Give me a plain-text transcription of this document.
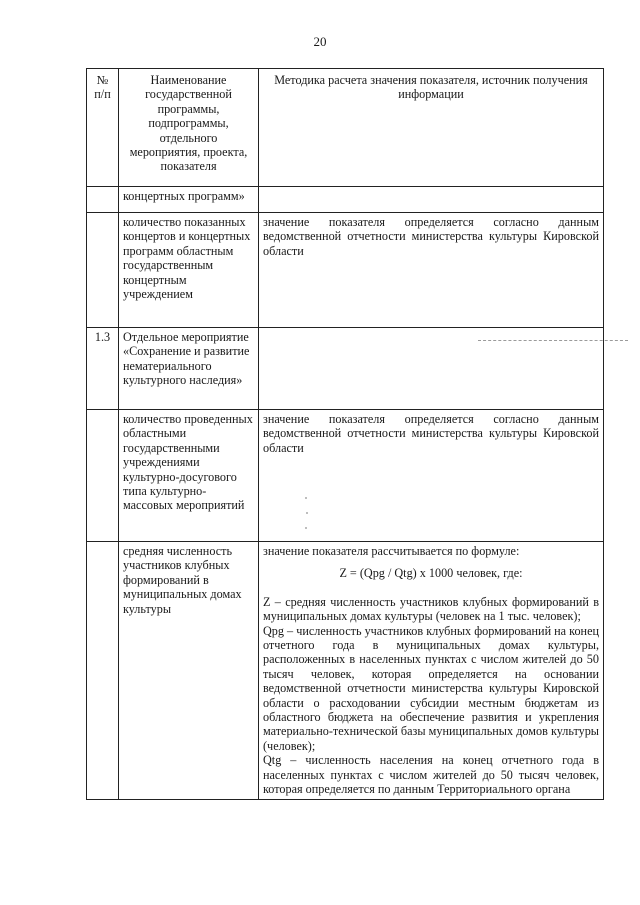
20
№ п/п	Наименование государственной программы, подпрограммы, отдельного мероприятия, проекта, показателя	Методика расчета значения показателя, источник получения информации
	концертных программ»	
	количество показанных концертов и концертных программ областным государственным концертным учреждением	значение показателя определяется согласно данным ведомственной отчетности министерства культуры Кировской области
1.3	Отдельное мероприятие «Сохранение и развитие нематериального культурного наследия»	
	количество проведенных областными государственными учреждениями культурно-досугового типа культурно-массовых мероприятий	значение показателя определяется согласно данным ведомственной отчетности министерства культуры Кировской области
	средняя численность участников клубных формирований в муниципальных домах культуры	значение показателя рассчитывается по формуле:

Z = (Qpg / Qtg) x 1000 человек, где:

Z – средняя численность участников клубных формирований в муниципальных домах культуры (человек на 1 тыс. человек);

Qpg – численность участников клубных формирований на конец отчетного года в муниципальных домах культуры, расположенных в населенных пунктах с числом жителей до 50 тысяч человек, которая определяется на основании ведомственной отчетности министерства культуры Кировской области о расходовании субсидии местным бюджетам из областного бюджета на обеспечение развития и укрепления материально-технической базы муниципальных домов культуры (человек);

Qtg – численность населения на конец отчетного года в населенных пунктах с числом жителей до 50 тысяч человек, которая определяется по данным Территориального органа
